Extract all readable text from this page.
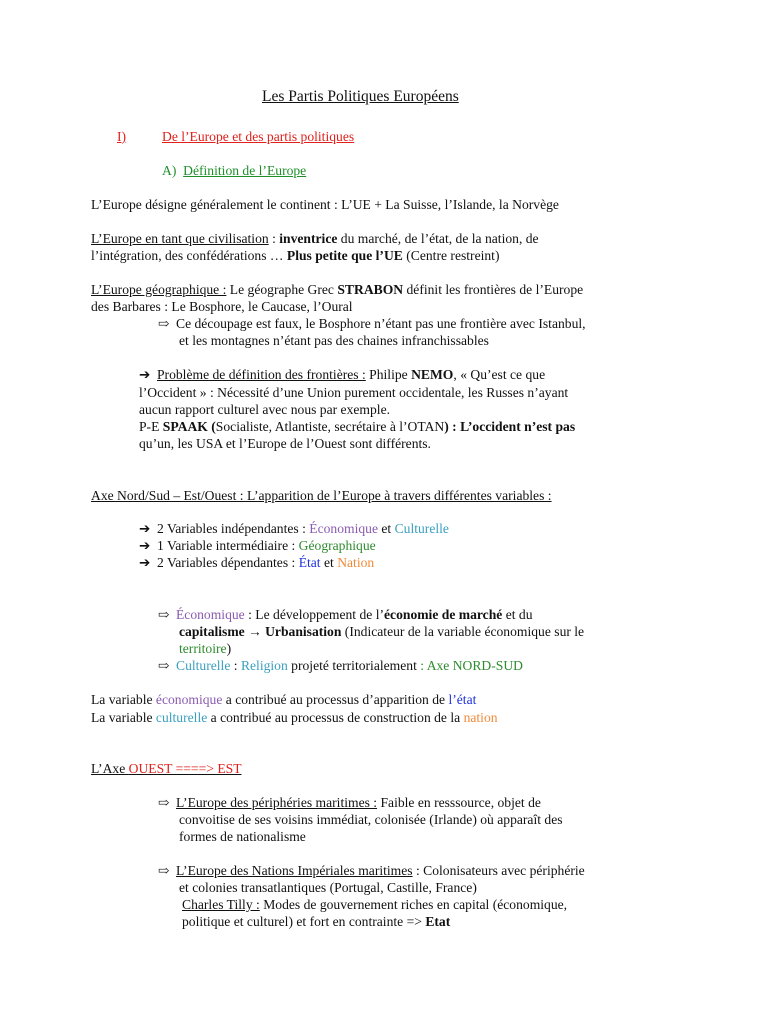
Les Partis Politiques Européens
I)	De l’Europe et des partis politiques
A) Définition de l’Europe
L’Europe désigne généralement le continent : L’UE + La Suisse, l’Islande, la Norvège
L’Europe en tant que civilisation : inventrice du marché, de l’état, de la nation, de
l’intégration, des confédérations … Plus petite que l’UE (Centre restreint)
L’Europe géographique : Le géographe Grec STRABON définit les frontières de l’Europe
des Barbares : Le Bosphore, le Caucase, l’Oural
⇨ Ce découpage est faux, le Bosphore n’étant pas une frontière avec Istanbul,
et les montagnes n’étant pas des chaines infranchissables
➔ Problème de définition des frontières : Philipe NEMO, « Qu’est ce que
l’Occident » : Nécessité d’une Union purement occidentale, les Russes n’ayant
aucun rapport culturel avec nous par exemple.
P-E SPAAK (Socialiste, Atlantiste, secrétaire à l’OTAN) : L’occident n’est pas
qu’un, les USA et l’Europe de l’Ouest sont différents.
Axe Nord/Sud – Est/Ouest : L’apparition de l’Europe à travers différentes variables :
➔ 2 Variables indépendantes : Économique et Culturelle
➔ 1 Variable intermédiaire : Géographique
➔ 2 Variables dépendantes : État et Nation
⇨ Économique : Le développement de l’économie de marché et du
capitalisme → Urbanisation (Indicateur de la variable économique sur le
territoire)
⇨ Culturelle : Religion projeté territorialement : Axe NORD-SUD
La variable économique a contribué au processus d’apparition de l’état
La variable culturelle a contribué au processus de construction de la nation
L’Axe OUEST ====> EST
⇨ L’Europe des périphéries maritimes : Faible en resssource, objet de
convoitise de ses voisins immédiat, colonisée (Irlande) où apparaît des
formes de nationalisme
⇨ L’Europe des Nations Impériales maritimes : Colonisateurs avec périphérie
et colonies transatlantiques (Portugal, Castille, France)
Charles Tilly : Modes de gouvernement riches en capital (économique,
politique et culturel) et fort en contrainte => Etat
